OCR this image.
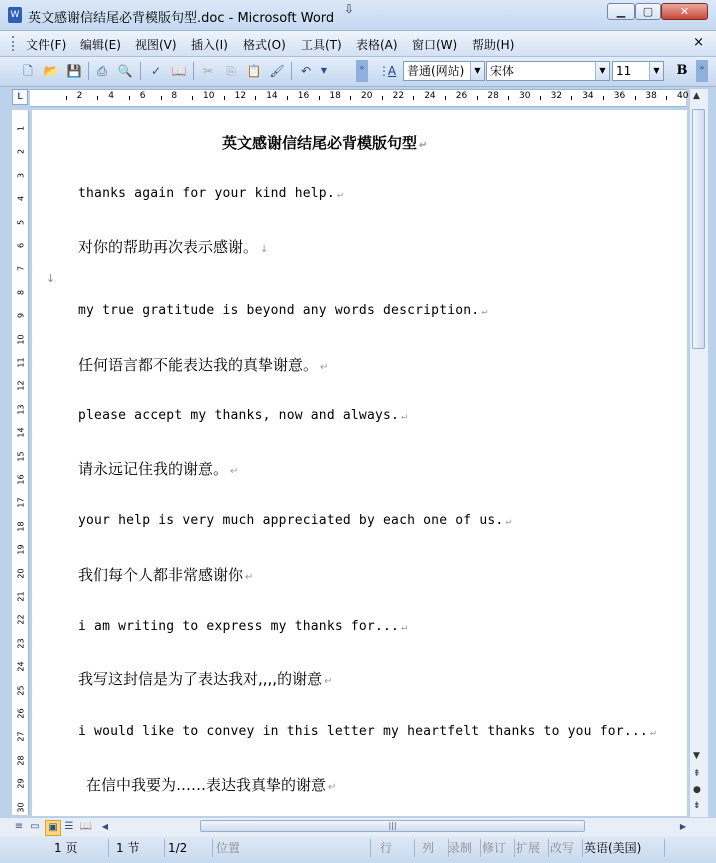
W 英文感谢信结尾必背模版句型.doc - Microsoft Word
⇩	▁	▢	✕
文件(F) 编辑(E) 视图(V) 插入(I) 格式(O) 工具(T) 表格(A) 窗口(W) 帮助(H)	×
🗋 📂 💾 ⎙ 🔍 ✓ 📖 ✂ ⎘ 📋 🖌 ↶	▼	» ⋮
A 普通(网站)	▼ 宋体	▼ 11	▼	B	»
L	2	4	6	8	10 12 14 16 18 20 22 24 26 28 30 32 34 36 38 40
1
2
3
4
5
6
7
8
9
10
11
12
13
14
15
16
17
18
19
20
21
22
23
24
25
26
27
28
29
30
英文感谢信结尾必背模版句型 ↵
thanks again for your kind help. ↵
对你的帮助再次表示感谢。 ↓
↓
my true gratitude is beyond any words description. ↵
任何语言都不能表达我的真挚谢意。 ↵
please accept my thanks, now and always. ↵
请永远记住我的谢意。 ↵
your help is very much appreciated by each one of us. ↵
我们每个人都非常感谢你 ↵
i am writing to express my thanks for... ↵
我写这封信是为了表达我对,,,,的谢意 ↵
i would like to convey in this letter my heartfelt thanks to you for... ↵
在信中我要为……表达我真挚的谢意 ↵
▲
▼
⇞
●
⇟
≡ ▭ ▣ ☰ 📖	◀	|||	▶
1 页	1 节	1/2	位置	行	列	录制 修订 扩展 改写 英语(美国)
